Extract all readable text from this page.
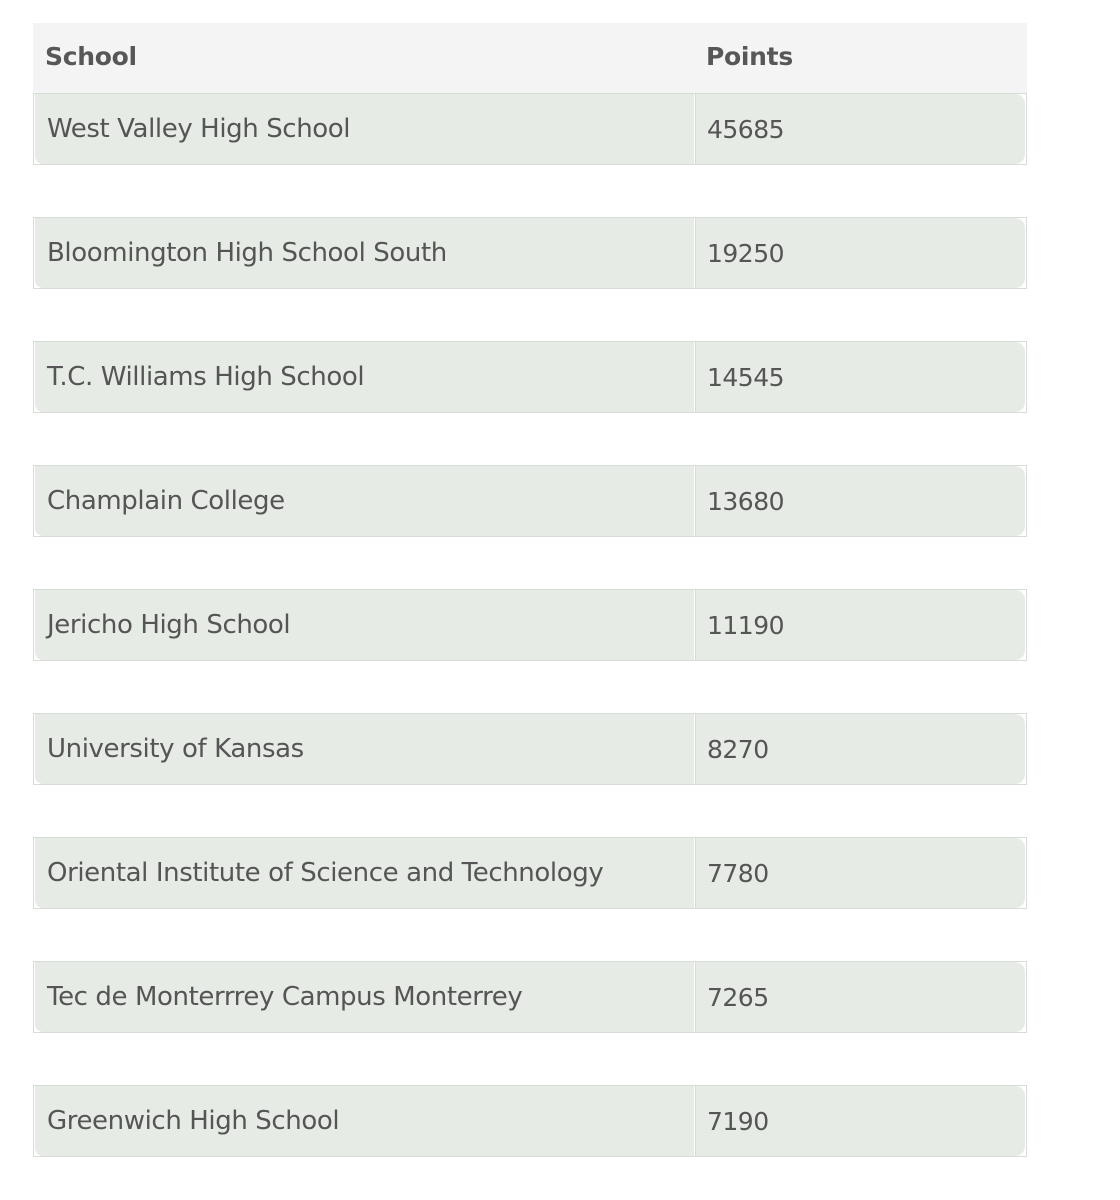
School	Points
West Valley High School	45685
Bloomington High School South	19250
T.C. Williams High School	14545
Champlain College	13680
Jericho High School	11190
University of Kansas	8270
Oriental Institute of Science and Technology	7780
Tec de Monterrrey Campus Monterrey	7265
Greenwich High School	7190
